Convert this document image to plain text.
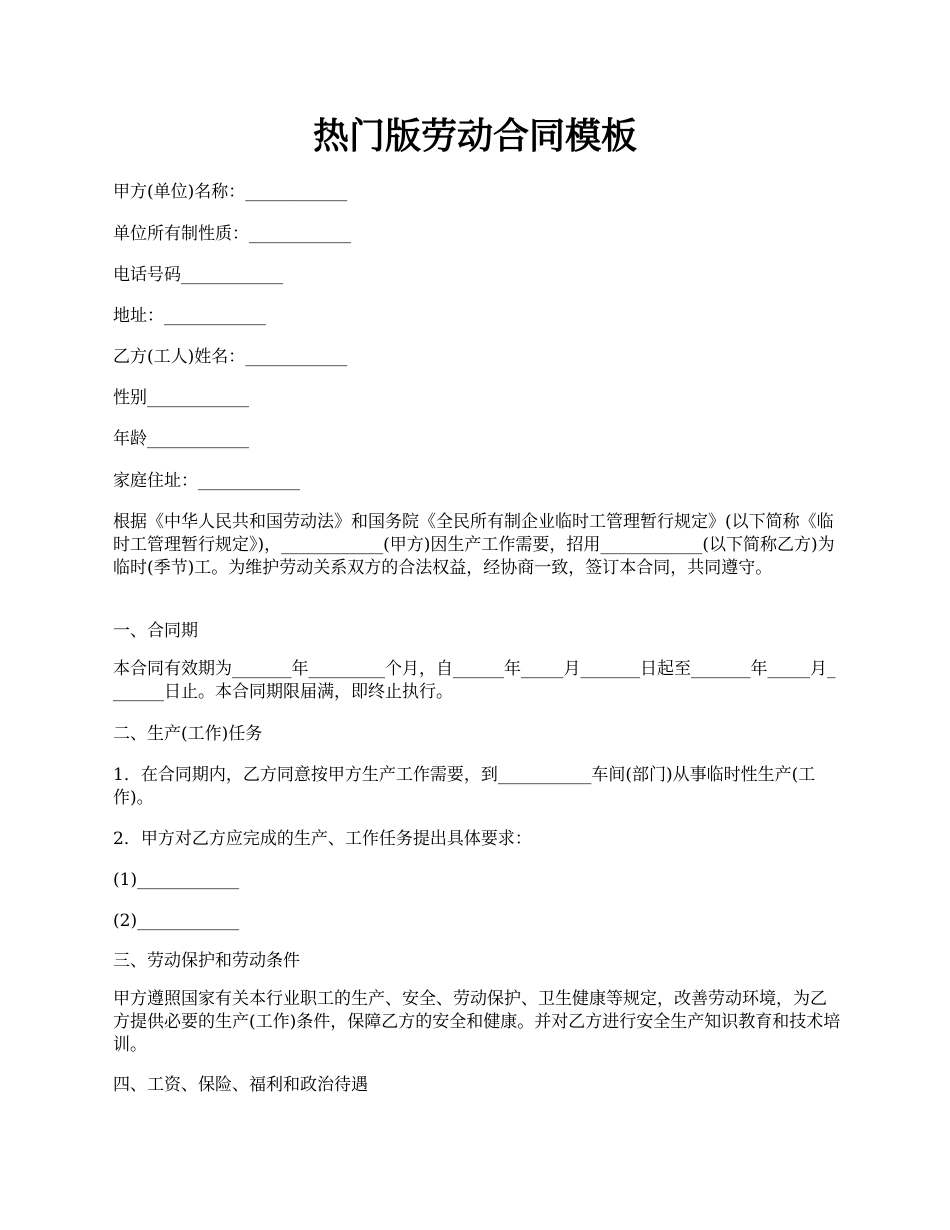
热门版劳动合同模板

甲方(单位)名称：____________

单位所有制性质：____________

电话号码____________

地址：____________

乙方(工人)姓名：____________

性别____________

年龄____________

家庭住址：____________

根据《中华人民共和国劳动法》和国务院《全民所有制企业临时工管理暂行规定》(以下简称《临时工管理暂行规定》)，____________(甲方)因生产工作需要，招用____________(以下简称乙方)为临时(季节)工。为维护劳动关系双方的合法权益，经协商一致，签订本合同，共同遵守。

一、合同期

本合同有效期为_______年_________个月，自______年_____月_______日起至_______年_____月_______日止。本合同期限届满，即终止执行。

二、生产(工作)任务

1．在合同期内，乙方同意按甲方生产工作需要，到___________车间(部门)从事临时性生产(工作)。

2．甲方对乙方应完成的生产、工作任务提出具体要求：

(1)____________

(2)____________

三、劳动保护和劳动条件

甲方遵照国家有关本行业职工的生产、安全、劳动保护、卫生健康等规定，改善劳动环境，为乙方提供必要的生产(工作)条件，保障乙方的安全和健康。并对乙方进行安全生产知识教育和技术培训。

四、工资、保险、福利和政治待遇
